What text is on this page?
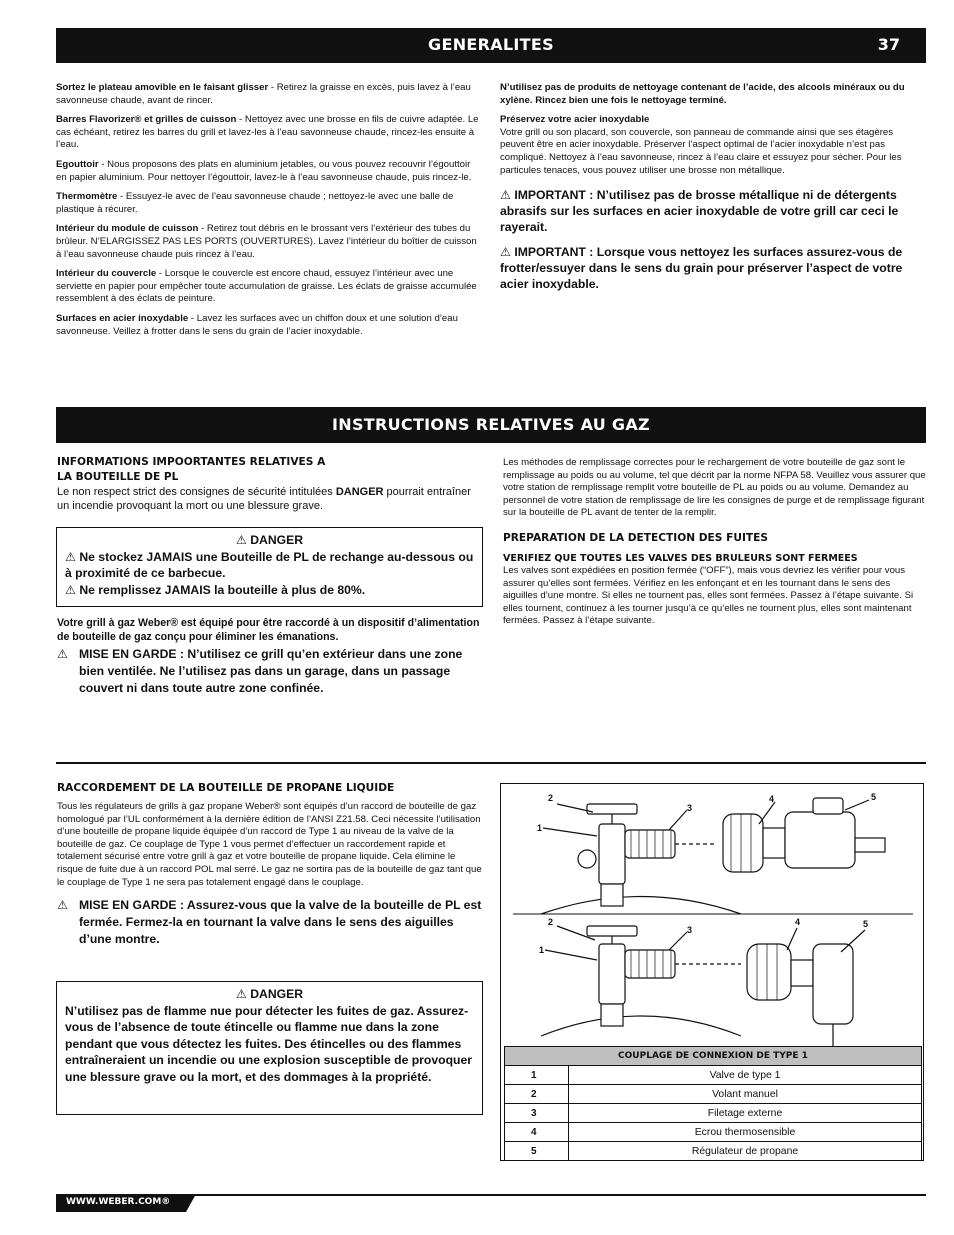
GENERALITES	37

Sortez le plateau amovible en le faisant glisser - Retirez la graisse en excès, puis lavez à l’eau savonneuse chaude, avant de rincer.

Barres Flavorizer® et grilles de cuisson - Nettoyez avec une brosse en fils de cuivre adaptée. Le cas échéant, retirez les barres du grill et lavez-les à l’eau savonneuse chaude, rincez-les ensuite à l’eau.

Egouttoir - Nous proposons des plats en aluminium jetables, ou vous pouvez recouvrir l’égouttoir en papier aluminium. Pour nettoyer l’égouttoir, lavez-le à l’eau savonneuse chaude, puis rincez-le.

Thermomètre - Essuyez-le avec de l’eau savonneuse chaude ; nettoyez-le avec une balle de plastique à récurer.

Intérieur du module de cuisson - Retirez tout débris en le brossant vers l’extérieur des tubes du brûleur. N’ELARGISSEZ PAS LES PORTS (OUVERTURES). Lavez l’intérieur du boîtier de cuisson à l’eau savonneuse chaude puis rincez à l’eau.

Intérieur du couvercle - Lorsque le couvercle est encore chaud, essuyez l’intérieur avec une serviette en papier pour empêcher toute accumulation de graisse. Les éclats de graisse accumulée ressemblent à des éclats de peinture.

Surfaces en acier inoxydable - Lavez les surfaces avec un chiffon doux et une solution d’eau savonneuse. Veillez à frotter dans le sens du grain de l’acier inoxydable.

N’utilisez pas de produits de nettoyage contenant de l’acide, des alcools minéraux ou du xylène. Rincez bien une fois le nettoyage terminé.

Préservez votre acier inoxydable
Votre grill ou son placard, son couvercle, son panneau de commande ainsi que ses étagères peuvent être en acier inoxydable. Préserver l’aspect optimal de l’acier inoxydable n’est pas compliqué. Nettoyez à l’eau savonneuse, rincez à l’eau claire et essuyez pour sécher. Pour les particules tenaces, vous pouvez utiliser une brosse non métallique.
⚠ IMPORTANT : N’utilisez pas de brosse métallique ni de détergents abrasifs sur les surfaces en acier inoxydable de votre grill car ceci le rayerait.
⚠ IMPORTANT : Lorsque vous nettoyez les surfaces assurez-vous de frotter/essuyer dans le sens du grain pour préserver l’aspect de votre acier inoxydable.
INSTRUCTIONS RELATIVES AU GAZ
INFORMATIONS IMPOORTANTES RELATIVES A
LA BOUTEILLE DE PL
Le non respect strict des consignes de sécurité intitulées DANGER pourrait entraîner un incendie provoquant la mort ou une blessure grave.
⚠ DANGER
⚠ Ne stockez JAMAIS une Bouteille de PL de rechange au-dessous ou à proximité de ce barbecue.
⚠ Ne remplissez JAMAIS la bouteille à plus de 80%.

Votre grill à gaz Weber® est équipé pour être raccordé à un dispositif d’alimentation de bouteille de gaz conçu pour éliminer les émanations.

⚠ MISE EN GARDE : N’utilisez ce grill qu’en extérieur dans une zone bien ventilée. Ne l’utilisez pas dans un garage, dans un passage couvert ni dans toute autre zone confinée.

Les méthodes de remplissage correctes pour le rechargement de votre bouteille de gaz sont le remplissage au poids ou au volume, tel que décrit par la norme NFPA 58. Veuillez vous assurer que votre station de remplissage remplit votre bouteille de PL au poids ou au volume. Demandez au personnel de votre station de remplissage de lire les consignes de purge et de remplissage figurant sur la bouteille de PL avant de tenter de la remplir.

PREPARATION DE LA DETECTION DES FUITES
VERIFIEZ QUE TOUTES LES VALVES DES BRULEURS SONT FERMEES

Les valves sont expédiées en position fermée (“OFF”), mais vous devriez les vérifier pour vous assurer qu’elles sont fermées. Vérifiez en les enfonçant et en les tournant dans le sens des aiguilles d’une montre. Si elles ne tournent pas, elles sont fermées. Passez à l’étape suivante. Si elles tournent, continuez à les tourner jusqu’à ce qu’elles ne tournent plus, elles sont maintenant fermées. Passez à l’étape suivante.

RACCORDEMENT DE LA BOUTEILLE DE PROPANE LIQUIDE

Tous les régulateurs de grills à gaz propane Weber® sont équipés d’un raccord de bouteille de gaz homologué par l’UL conformément à la dernière édition de l’ANSI Z21.58. Ceci nécessite l’utilisation d’une bouteille de propane liquide équipée d’un raccord de Type 1 au niveau de la valve de la bouteille de gaz. Ce couplage de Type 1 vous permet d’effectuer un raccordement rapide et totalement sécurisé entre votre grill à gaz et votre bouteille de propane liquide. Cela élimine le risque de fuite due à un raccord POL mal serré. Le gaz ne sortira pas de la bouteille de gaz tant que le couplage de Type 1 ne sera pas totalement engagé dans le couplage.

⚠ MISE EN GARDE : Assurez-vous que la valve de la bouteille de PL est fermée. Fermez-la en tournant la valve dans le sens des aiguilles d’une montre.
⚠ DANGER
N’utilisez pas de flamme nue pour détecter les fuites de gaz. Assurez-vous de l’absence de toute étincelle ou flamme nue dans la zone pendant que vous détectez les fuites. Des étincelles ou des flammes entraîneraient un incendie ou une explosion susceptible de provoquer une blessure grave ou la mort, et des dommages à la propriété.
2
1
3
4	5
2
1
3
4	5
COUPLAGE DE CONNEXION DE TYPE 1	
1	Valve de type 1
2	Volant manuel
3	Filetage externe
4	Ecrou thermosensible
5	Régulateur de propane
WWW.WEBER.COM®
